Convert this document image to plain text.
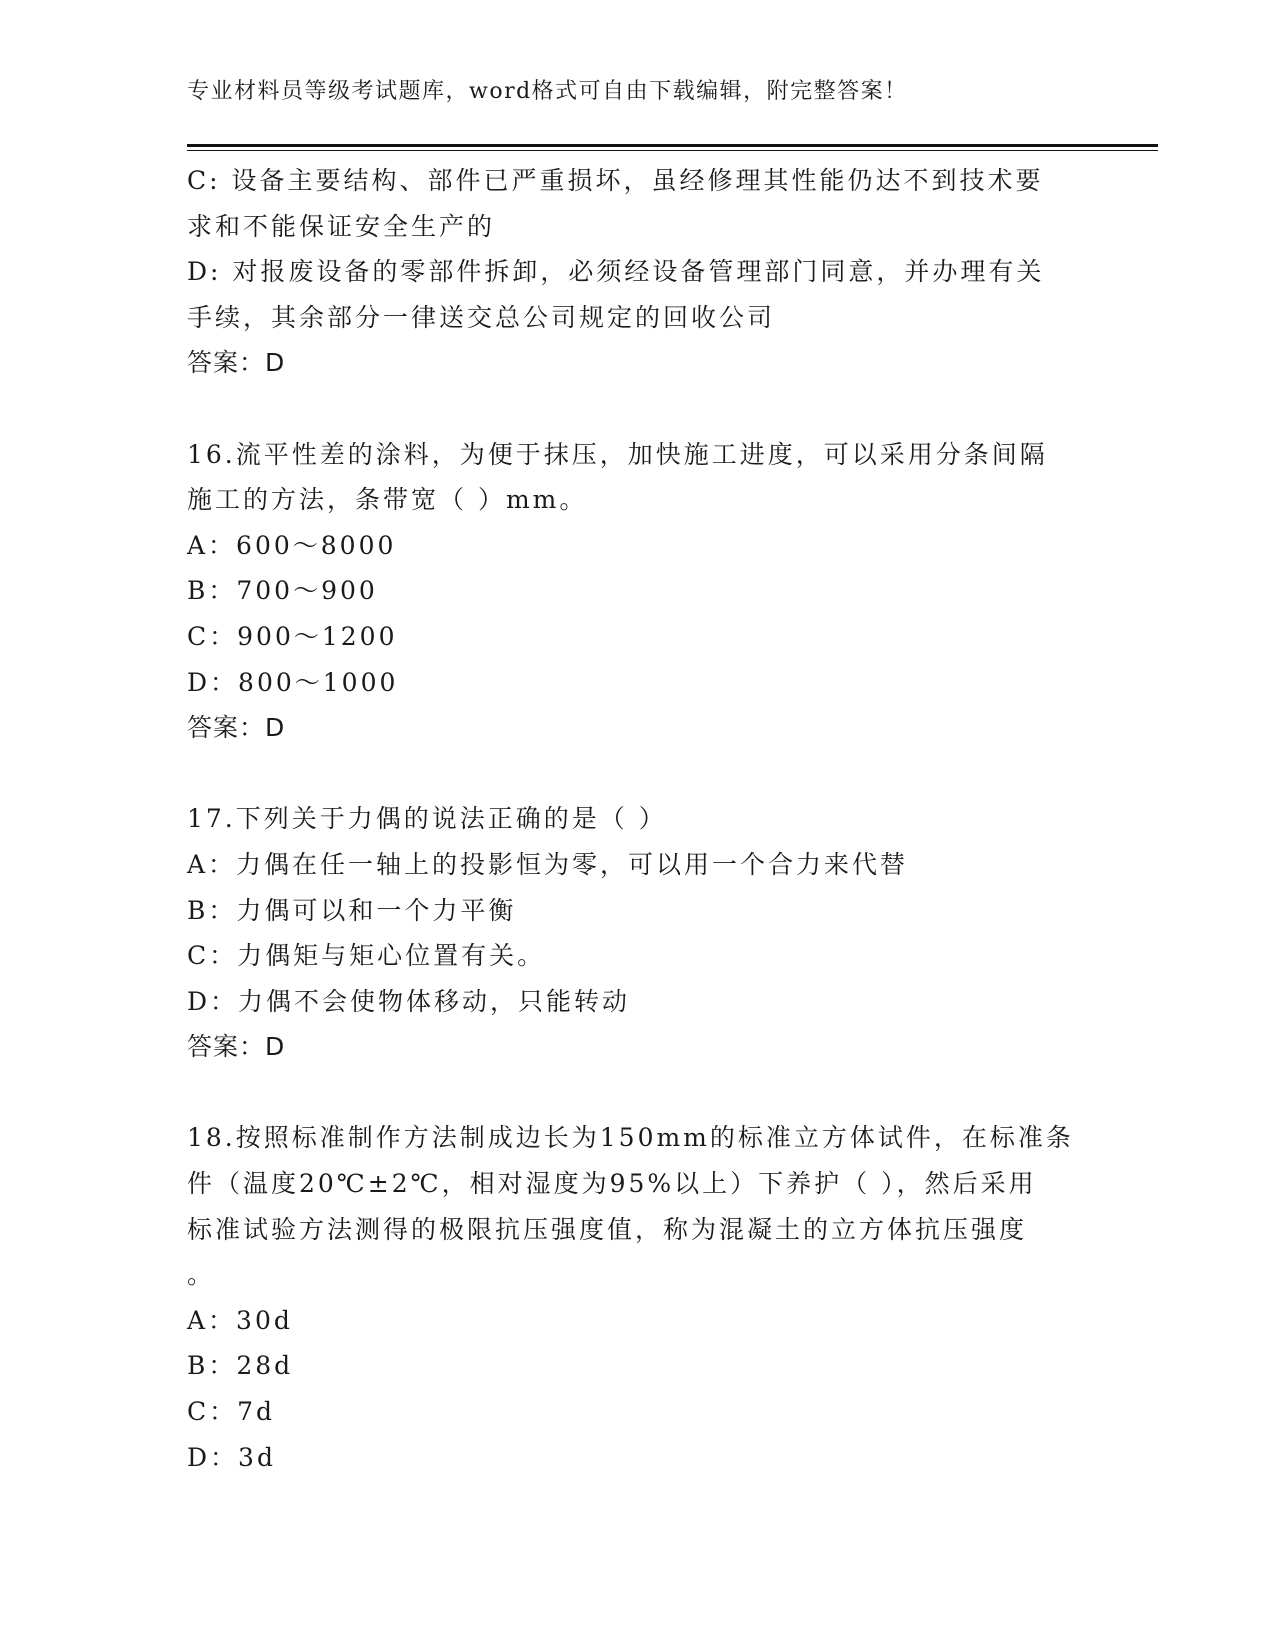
专业材料员等级考试题库，word格式可自由下载编辑，附完整答案！
C: 设备主要结构、部件已严重损坏，虽经修理其性能仍达不到技术要
求和不能保证安全生产的
D: 对报废设备的零部件拆卸，必须经设备管理部门同意，并办理有关
手续，其余部分一律送交总公司规定的回收公司
答案：D
16.流平性差的涂料，为便于抹压，加快施工进度，可以采用分条间隔
施工的方法，条带宽（ ）mm。
A：600～8000
B：700～900
C：900～1200
D：800～1000
答案：D
17.下列关于力偶的说法正确的是（ ）
A：力偶在任一轴上的投影恒为零，可以用一个合力来代替
B：力偶可以和一个力平衡
C：力偶矩与矩心位置有关。
D：力偶不会使物体移动，只能转动
答案：D
18.按照标准制作方法制成边长为150mm的标准立方体试件，在标准条
件（温度20℃±2℃，相对湿度为95%以上）下养护（ ），然后采用
标准试验方法测得的极限抗压强度值，称为混凝土的立方体抗压强度
。
A：30d
B：28d
C：7d
D：3d
